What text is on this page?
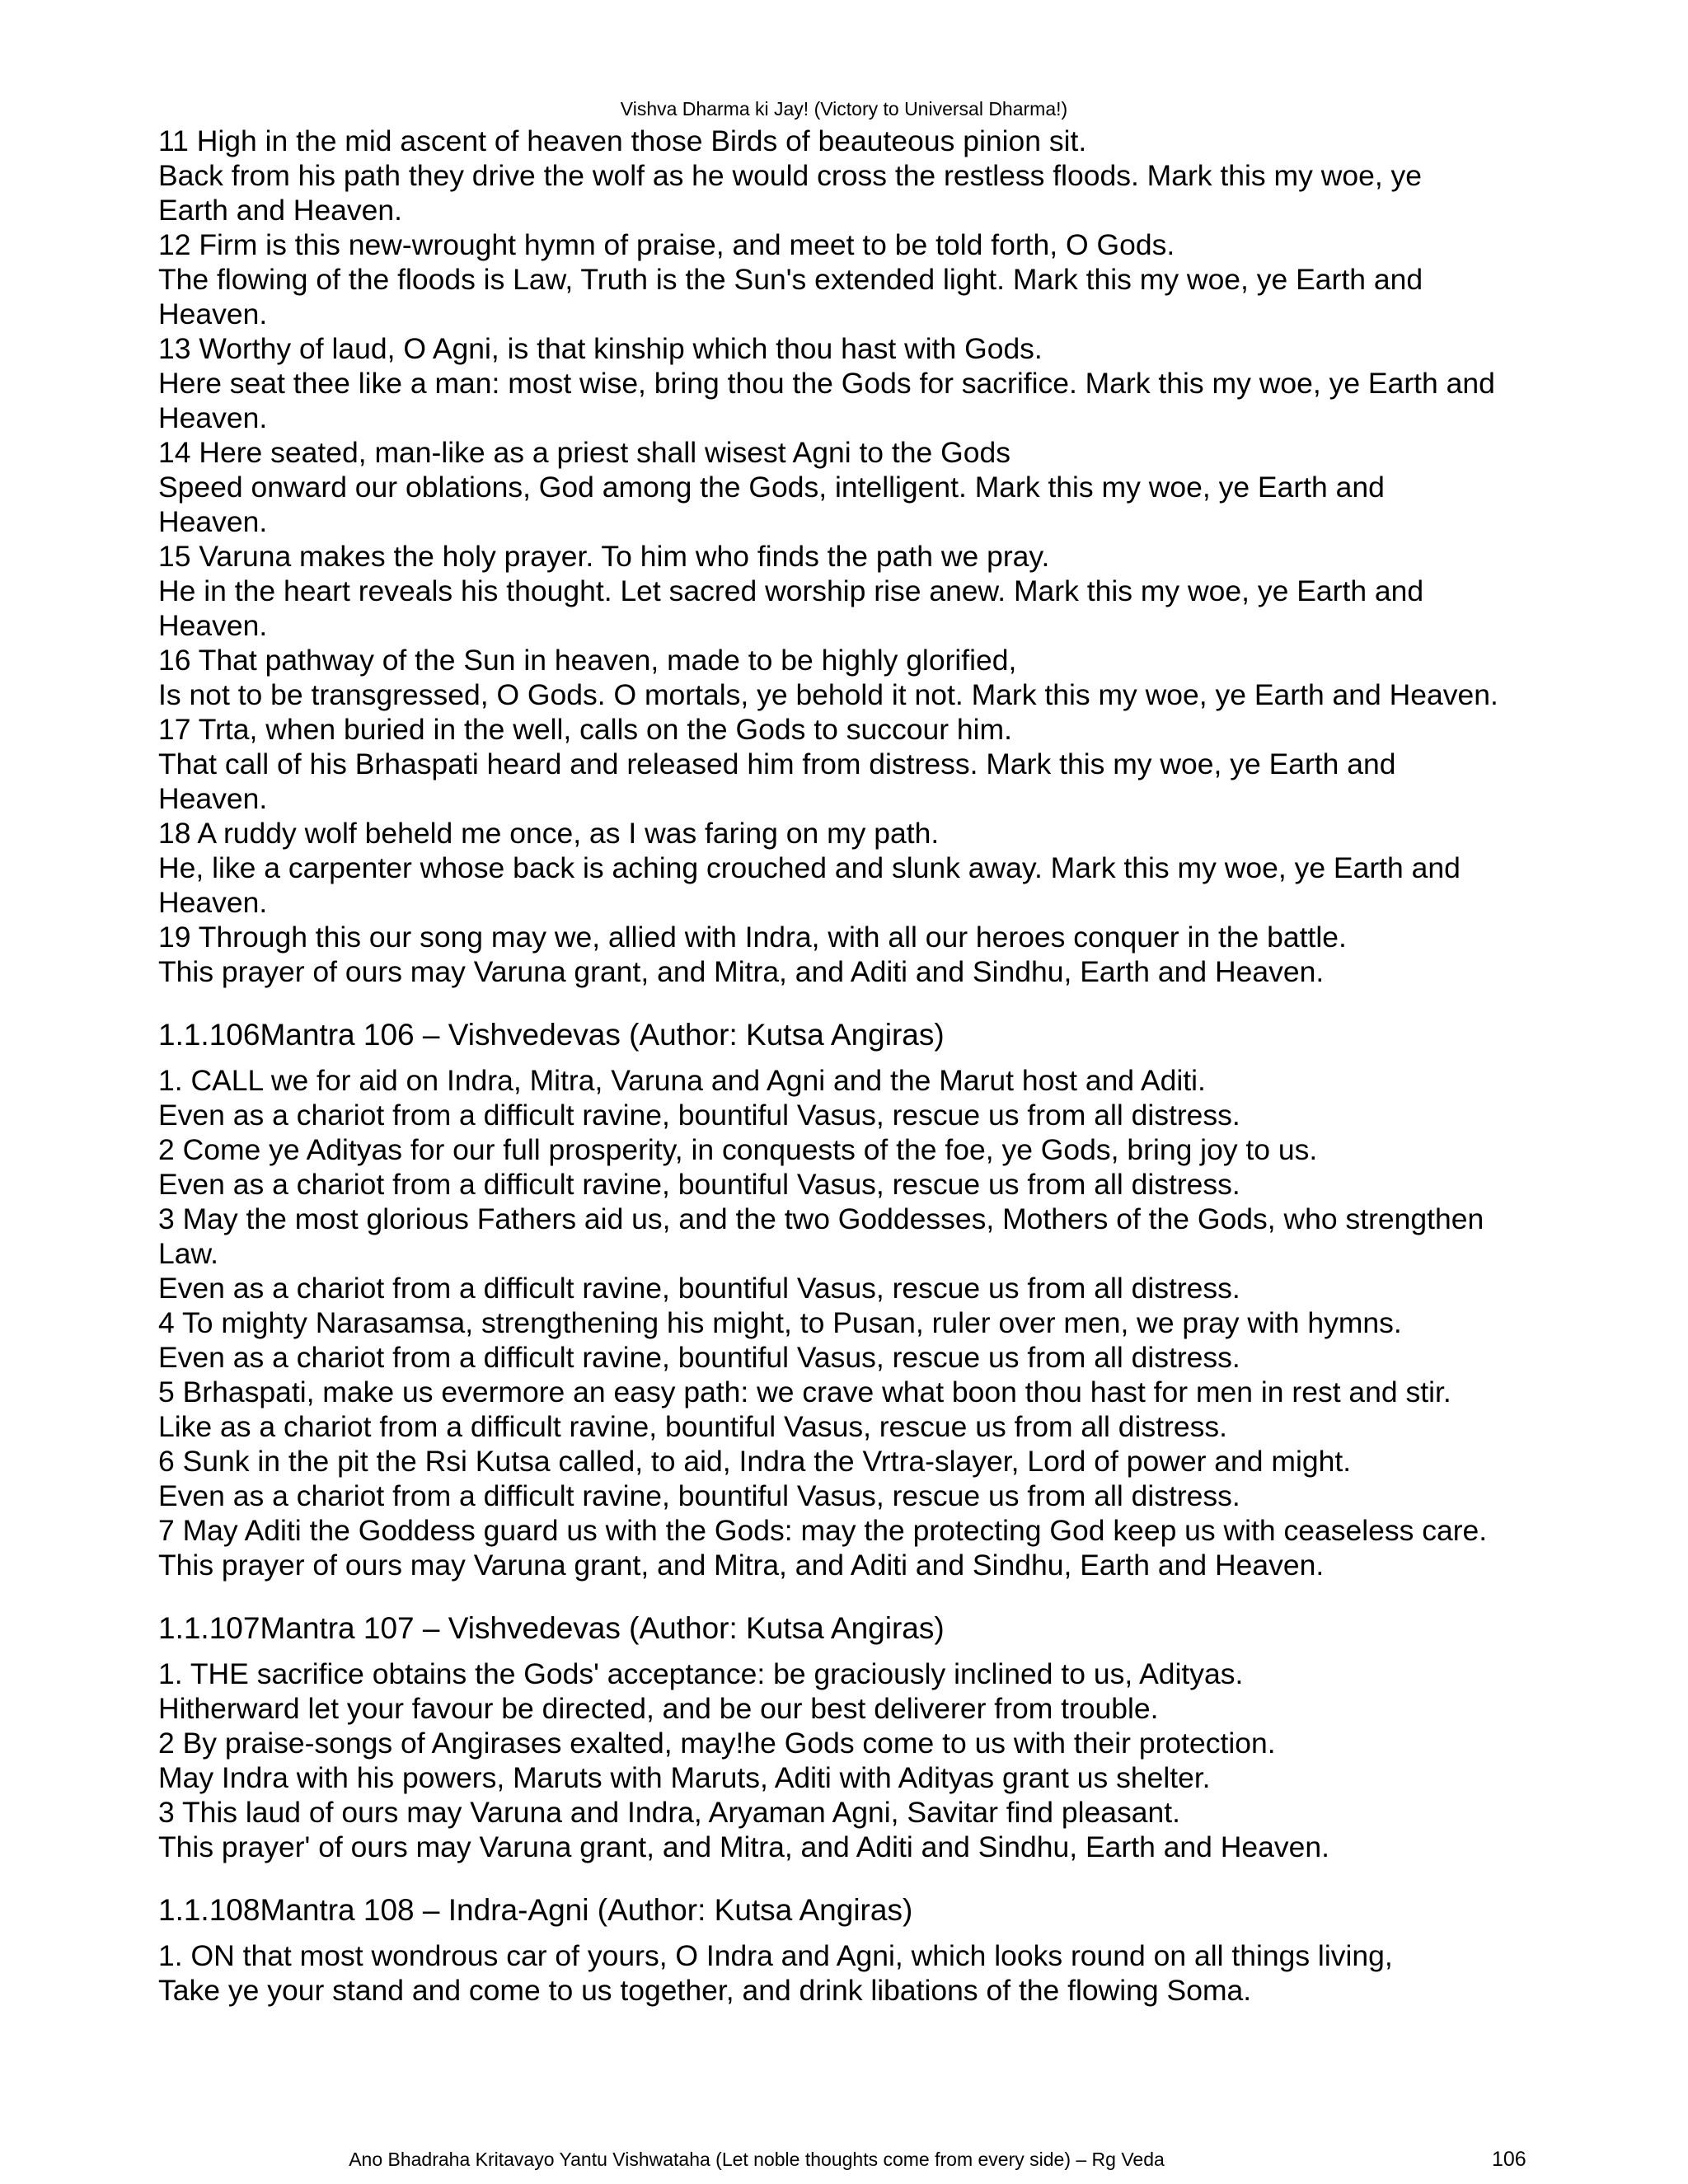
Vishva Dharma ki Jay! (Victory to Universal Dharma!)
11 High in the mid ascent of heaven those Birds of beauteous pinion sit.
Back from his path they drive the wolf as he would cross the restless floods. Mark this my woe, ye
Earth and Heaven.
12 Firm is this new-wrought hymn of praise, and meet to be told forth, O Gods.
The flowing of the floods is Law, Truth is the Sun's extended light. Mark this my woe, ye Earth and
Heaven.
13 Worthy of laud, O Agni, is that kinship which thou hast with Gods.
Here seat thee like a man: most wise, bring thou the Gods for sacrifice. Mark this my woe, ye Earth and
Heaven.
14 Here seated, man-like as a priest shall wisest Agni to the Gods
Speed onward our oblations, God among the Gods, intelligent. Mark this my woe, ye Earth and
Heaven.
15 Varuna makes the holy prayer. To him who finds the path we pray.
He in the heart reveals his thought. Let sacred worship rise anew. Mark this my woe, ye Earth and
Heaven.
16 That pathway of the Sun in heaven, made to be highly glorified,
Is not to be transgressed, O Gods. O mortals, ye behold it not. Mark this my woe, ye Earth and Heaven.
17 Trta, when buried in the well, calls on the Gods to succour him.
That call of his Brhaspati heard and released him from distress. Mark this my woe, ye Earth and
Heaven.
18 A ruddy wolf beheld me once, as I was faring on my path.
He, like a carpenter whose back is aching crouched and slunk away. Mark this my woe, ye Earth and
Heaven.
19 Through this our song may we, allied with Indra, with all our heroes conquer in the battle.
This prayer of ours may Varuna grant, and Mitra, and Aditi and Sindhu, Earth and Heaven.
1.1.106Mantra 106 – Vishvedevas (Author: Kutsa Angiras)
1. CALL we for aid on Indra, Mitra, Varuna and Agni and the Marut host and Aditi.
Even as a chariot from a difficult ravine, bountiful Vasus, rescue us from all distress.
2 Come ye Adityas for our full prosperity, in conquests of the foe, ye Gods, bring joy to us.
Even as a chariot from a difficult ravine, bountiful Vasus, rescue us from all distress.
3 May the most glorious Fathers aid us, and the two Goddesses, Mothers of the Gods, who strengthen
Law.
Even as a chariot from a difficult ravine, bountiful Vasus, rescue us from all distress.
4 To mighty Narasamsa, strengthening his might, to Pusan, ruler over men, we pray with hymns.
Even as a chariot from a difficult ravine, bountiful Vasus, rescue us from all distress.
5 Brhaspati, make us evermore an easy path: we crave what boon thou hast for men in rest and stir.
Like as a chariot from a difficult ravine, bountiful Vasus, rescue us from all distress.
6 Sunk in the pit the Rsi Kutsa called, to aid, Indra the Vrtra-slayer, Lord of power and might.
Even as a chariot from a difficult ravine, bountiful Vasus, rescue us from all distress.
7 May Aditi the Goddess guard us with the Gods: may the protecting God keep us with ceaseless care.
This prayer of ours may Varuna grant, and Mitra, and Aditi and Sindhu, Earth and Heaven.
1.1.107Mantra 107 – Vishvedevas (Author: Kutsa Angiras)
1. THE sacrifice obtains the Gods' acceptance: be graciously inclined to us, Adityas.
Hitherward let your favour be directed, and be our best deliverer from trouble.
2 By praise-songs of Angirases exalted, may!he Gods come to us with their protection.
May Indra with his powers, Maruts with Maruts, Aditi with Adityas grant us shelter.
3 This laud of ours may Varuna and Indra, Aryaman Agni, Savitar find pleasant.
This prayer' of ours may Varuna grant, and Mitra, and Aditi and Sindhu, Earth and Heaven.
1.1.108Mantra 108 – Indra-Agni (Author: Kutsa Angiras)
1. ON that most wondrous car of yours, O Indra and Agni, which looks round on all things living,
Take ye your stand and come to us together, and drink libations of the flowing Soma.
Ano Bhadraha Kritavayo Yantu Vishwataha (Let noble thoughts come from every side) – Rg Veda	106
